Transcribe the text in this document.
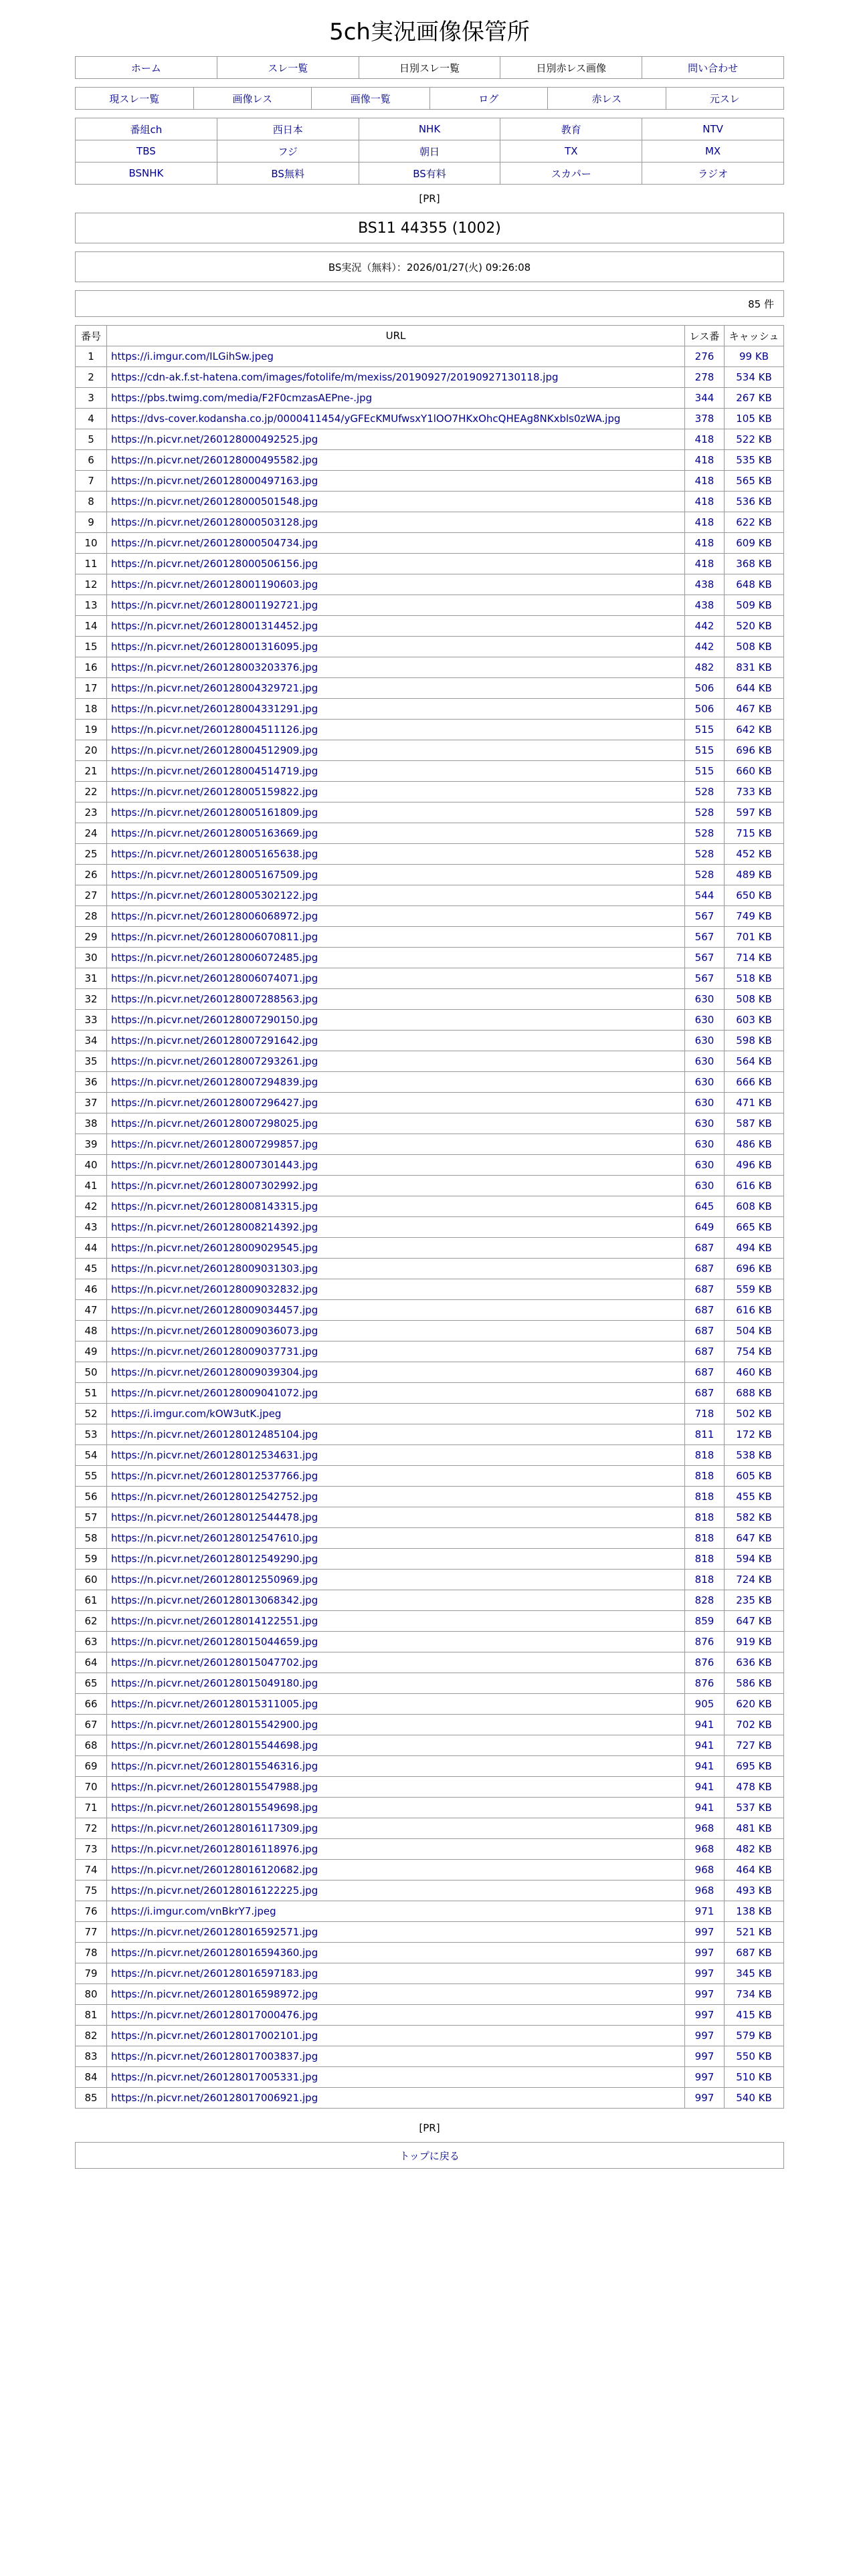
5ch実況画像保管所
ホーム	スレ一覧	日別スレ一覧	日別赤レス画像	問い合わせ
現スレ一覧	画像レス	画像一覧	ログ	赤レス	元スレ
番組ch	西日本	NHK	教育	NTV
TBS	フジ	朝日	TX	MX
BSNHK	BS無料	BS有料	スカパー	ラジオ
[PR]
BS11 44355 (1002)
BS実況（無料）：2026/01/27(火) 09:26:08
85 件
番号	URL	レス番	キャッシュ
1	https://i.imgur.com/ILGihSw.jpeg	276	99 KB
2	https://cdn-ak.f.st-hatena.com/images/fotolife/m/mexiss/20190927/20190927130118.jpg	278	534 KB
3	https://pbs.twimg.com/media/F2F0cmzasAEPne-.jpg	344	267 KB
4	https://dvs-cover.kodansha.co.jp/0000411454/yGFEcKMUfwsxY1lOO7HKxOhcQHEAg8NKxbls0zWA.jpg	378	105 KB
5	https://n.picvr.net/260128000492525.jpg	418	522 KB
6	https://n.picvr.net/260128000495582.jpg	418	535 KB
7	https://n.picvr.net/260128000497163.jpg	418	565 KB
8	https://n.picvr.net/260128000501548.jpg	418	536 KB
9	https://n.picvr.net/260128000503128.jpg	418	622 KB
10	https://n.picvr.net/260128000504734.jpg	418	609 KB
11	https://n.picvr.net/260128000506156.jpg	418	368 KB
12	https://n.picvr.net/260128001190603.jpg	438	648 KB
13	https://n.picvr.net/260128001192721.jpg	438	509 KB
14	https://n.picvr.net/260128001314452.jpg	442	520 KB
15	https://n.picvr.net/260128001316095.jpg	442	508 KB
16	https://n.picvr.net/260128003203376.jpg	482	831 KB
17	https://n.picvr.net/260128004329721.jpg	506	644 KB
18	https://n.picvr.net/260128004331291.jpg	506	467 KB
19	https://n.picvr.net/260128004511126.jpg	515	642 KB
20	https://n.picvr.net/260128004512909.jpg	515	696 KB
21	https://n.picvr.net/260128004514719.jpg	515	660 KB
22	https://n.picvr.net/260128005159822.jpg	528	733 KB
23	https://n.picvr.net/260128005161809.jpg	528	597 KB
24	https://n.picvr.net/260128005163669.jpg	528	715 KB
25	https://n.picvr.net/260128005165638.jpg	528	452 KB
26	https://n.picvr.net/260128005167509.jpg	528	489 KB
27	https://n.picvr.net/260128005302122.jpg	544	650 KB
28	https://n.picvr.net/260128006068972.jpg	567	749 KB
29	https://n.picvr.net/260128006070811.jpg	567	701 KB
30	https://n.picvr.net/260128006072485.jpg	567	714 KB
31	https://n.picvr.net/260128006074071.jpg	567	518 KB
32	https://n.picvr.net/260128007288563.jpg	630	508 KB
33	https://n.picvr.net/260128007290150.jpg	630	603 KB
34	https://n.picvr.net/260128007291642.jpg	630	598 KB
35	https://n.picvr.net/260128007293261.jpg	630	564 KB
36	https://n.picvr.net/260128007294839.jpg	630	666 KB
37	https://n.picvr.net/260128007296427.jpg	630	471 KB
38	https://n.picvr.net/260128007298025.jpg	630	587 KB
39	https://n.picvr.net/260128007299857.jpg	630	486 KB
40	https://n.picvr.net/260128007301443.jpg	630	496 KB
41	https://n.picvr.net/260128007302992.jpg	630	616 KB
42	https://n.picvr.net/260128008143315.jpg	645	608 KB
43	https://n.picvr.net/260128008214392.jpg	649	665 KB
44	https://n.picvr.net/260128009029545.jpg	687	494 KB
45	https://n.picvr.net/260128009031303.jpg	687	696 KB
46	https://n.picvr.net/260128009032832.jpg	687	559 KB
47	https://n.picvr.net/260128009034457.jpg	687	616 KB
48	https://n.picvr.net/260128009036073.jpg	687	504 KB
49	https://n.picvr.net/260128009037731.jpg	687	754 KB
50	https://n.picvr.net/260128009039304.jpg	687	460 KB
51	https://n.picvr.net/260128009041072.jpg	687	688 KB
52	https://i.imgur.com/kOW3utK.jpeg	718	502 KB
53	https://n.picvr.net/260128012485104.jpg	811	172 KB
54	https://n.picvr.net/260128012534631.jpg	818	538 KB
55	https://n.picvr.net/260128012537766.jpg	818	605 KB
56	https://n.picvr.net/260128012542752.jpg	818	455 KB
57	https://n.picvr.net/260128012544478.jpg	818	582 KB
58	https://n.picvr.net/260128012547610.jpg	818	647 KB
59	https://n.picvr.net/260128012549290.jpg	818	594 KB
60	https://n.picvr.net/260128012550969.jpg	818	724 KB
61	https://n.picvr.net/260128013068342.jpg	828	235 KB
62	https://n.picvr.net/260128014122551.jpg	859	647 KB
63	https://n.picvr.net/260128015044659.jpg	876	919 KB
64	https://n.picvr.net/260128015047702.jpg	876	636 KB
65	https://n.picvr.net/260128015049180.jpg	876	586 KB
66	https://n.picvr.net/260128015311005.jpg	905	620 KB
67	https://n.picvr.net/260128015542900.jpg	941	702 KB
68	https://n.picvr.net/260128015544698.jpg	941	727 KB
69	https://n.picvr.net/260128015546316.jpg	941	695 KB
70	https://n.picvr.net/260128015547988.jpg	941	478 KB
71	https://n.picvr.net/260128015549698.jpg	941	537 KB
72	https://n.picvr.net/260128016117309.jpg	968	481 KB
73	https://n.picvr.net/260128016118976.jpg	968	482 KB
74	https://n.picvr.net/260128016120682.jpg	968	464 KB
75	https://n.picvr.net/260128016122225.jpg	968	493 KB
76	https://i.imgur.com/vnBkrY7.jpeg	971	138 KB
77	https://n.picvr.net/260128016592571.jpg	997	521 KB
78	https://n.picvr.net/260128016594360.jpg	997	687 KB
79	https://n.picvr.net/260128016597183.jpg	997	345 KB
80	https://n.picvr.net/260128016598972.jpg	997	734 KB
81	https://n.picvr.net/260128017000476.jpg	997	415 KB
82	https://n.picvr.net/260128017002101.jpg	997	579 KB
83	https://n.picvr.net/260128017003837.jpg	997	550 KB
84	https://n.picvr.net/260128017005331.jpg	997	510 KB
85	https://n.picvr.net/260128017006921.jpg	997	540 KB
[PR]
トップに戻る
